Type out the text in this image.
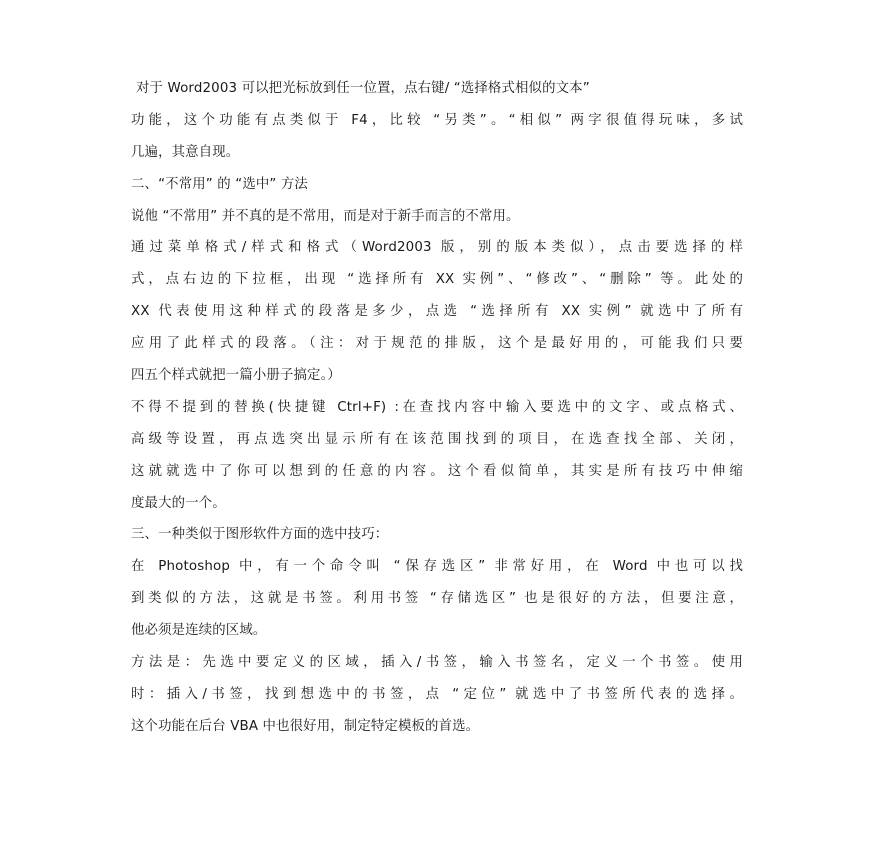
对于 Word2003 可以把光标放到任一位置，点右键/ “选择格式相似的文本”
功能，这个功能有点类似于 F4，比较 “另类”。“相似” 两字很值得玩味，多试
几遍，其意自现。
二、“不常用” 的 “选中” 方法
说他 “不常用” 并不真的是不常用，而是对于新手而言的不常用。
通过菜单格式/样式和格式（Word2003 版，别的版本类似），点击要选择的样
式，点右边的下拉框，出现 “选择所有 XX 实例”、“修改”、“删除” 等。此处的
XX 代表使用这种样式的段落是多少，点选 “选择所有 XX 实例” 就选中了所有
应用了此样式的段落。（注：对于规范的排版，这个是最好用的，可能我们只要
四五个样式就把一篇小册子搞定。）
不得不提到的替换(快捷键 Ctrl+F) :在查找内容中输入要选中的文字、或点格式、
高级等设置，再点选突出显示所有在该范围找到的项目，在选查找全部、关闭，
这就就选中了你可以想到的任意的内容。这个看似简单，其实是所有技巧中伸缩
度最大的一个。
三、一种类似于图形软件方面的选中技巧：
在 Photoshop 中，有一个命令叫 “保存选区” 非常好用，在 Word 中也可以找
到类似的方法，这就是书签。利用书签 “存储选区” 也是很好的方法，但要注意，
他必须是连续的区域。
方法是：先选中要定义的区域，插入/书签，输入书签名，定义一个书签。使用
时：插入/书签，找到想选中的书签，点 “定位” 就选中了书签所代表的选择。
这个功能在后台 VBA 中也很好用，制定特定模板的首选。
